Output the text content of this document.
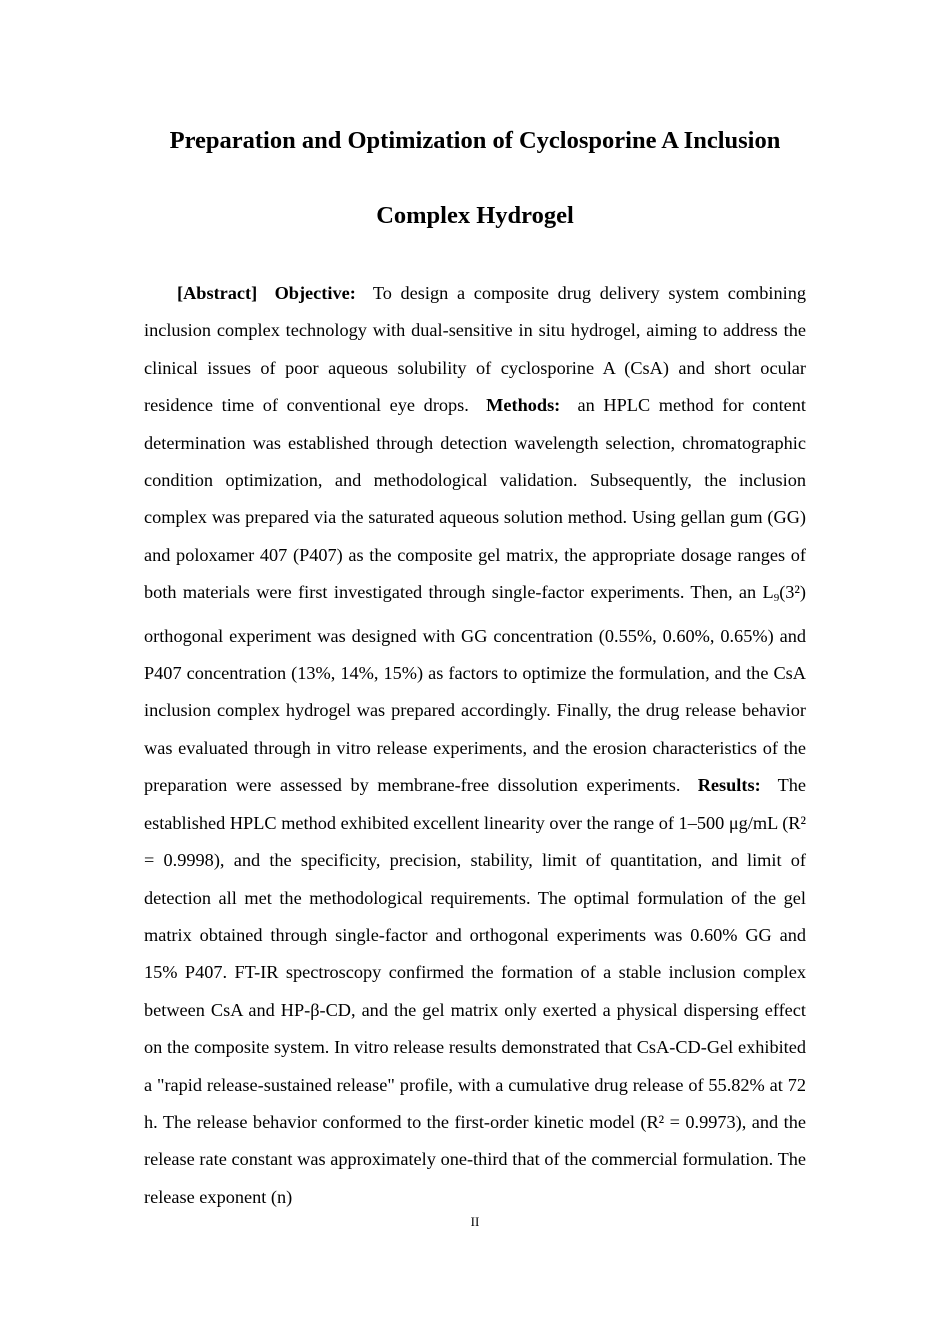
Preparation and Optimization of Cyclosporine A Inclusion
Complex Hydrogel

[Abstract] Objective: To design a composite drug delivery system combining inclusion complex technology with dual-sensitive in situ hydrogel, aiming to address the clinical issues of poor aqueous solubility of cyclosporine A (CsA) and short ocular residence time of conventional eye drops. Methods: an HPLC method for content determination was established through detection wavelength selection, chromatographic condition optimization, and methodological validation. Subsequently, the inclusion complex was prepared via the saturated aqueous solution method. Using gellan gum (GG) and poloxamer 407 (P407) as the composite gel matrix, the appropriate dosage ranges of both materials were first investigated through single-factor experiments. Then, an $L_9(3^2)$ orthogonal experiment was designed with GG concentration (0.55%, 0.60%, 0.65%) and P407 concentration (13%, 14%, 15%) as factors to optimize the formulation, and the CsA inclusion complex hydrogel was prepared accordingly. Finally, the drug release behavior was evaluated through in vitro release experiments, and the erosion characteristics of the preparation were assessed by membrane-free dissolution experiments. Results: The established HPLC method exhibited excellent linearity over the range of 1–500 μg/mL (R² = 0.9998), and the specificity, precision, stability, limit of quantitation, and limit of detection all met the methodological requirements. The optimal formulation of the gel matrix obtained through single-factor and orthogonal experiments was 0.60% GG and 15% P407. FT-IR spectroscopy confirmed the formation of a stable inclusion complex between CsA and HP-β-CD, and the gel matrix only exerted a physical dispersing effect on the composite system. In vitro release results demonstrated that CsA-CD-Gel exhibited a "rapid release-sustained release" profile, with a cumulative drug release of 55.82% at 72 h. The release behavior conformed to the first-order kinetic model (R² = 0.9973), and the release rate constant was approximately one-third that of the commercial formulation. The release exponent (n)

II
